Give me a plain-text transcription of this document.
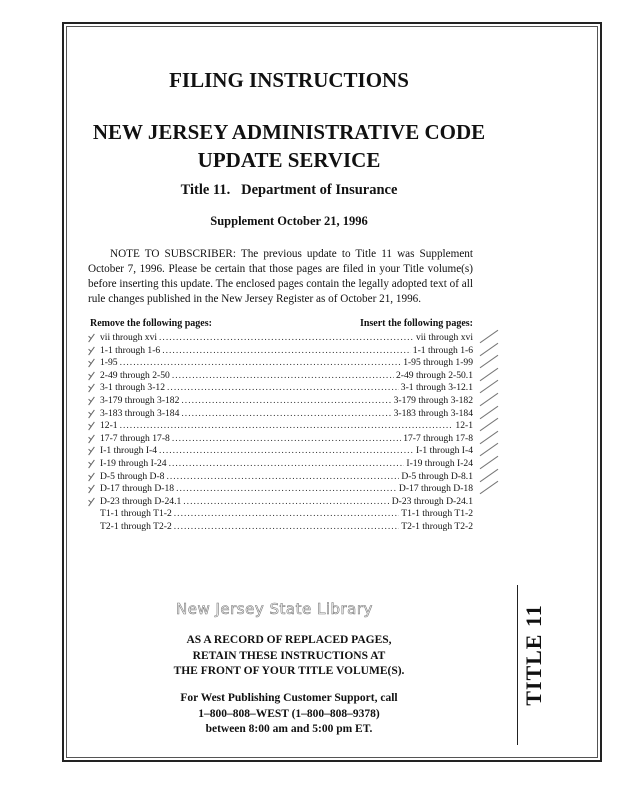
FILING INSTRUCTIONS
NEW JERSEY ADMINISTRATIVE CODE
UPDATE SERVICE
Title 11.   Department of Insurance
Supplement October 21, 1996
NOTE TO SUBSCRIBER: The previous update to Title 11 was Supplement October 7, 1996. Please be certain that those pages are filed in your Title volume(s) before inserting this update. The enclosed pages contain the legally adopted text of all rule changes published in the New Jersey Register as of October 21, 1996.
Remove the following pages:	Insert the following pages:
vii through xvi .....	vii through xvi
1-1 through 1-6 .....	1-1 through 1-6
1-95 .....	1-95 through 1-99
2-49 through 2-50 .....	2-49 through 2-50.1
3-1 through 3-12 .....	3-1 through 3-12.1
3-179 through 3-182 .....	3-179 through 3-182
3-183 through 3-184 .....	3-183 through 3-184
12-1 .....	12-1
17-7 through 17-8 .....	17-7 through 17-8
I-1 through I-4 .....	I-1 through I-4
I-19 through I-24 .....	I-19 through I-24
D-5 through D-8 .....	D-5 through D-8.1
D-17 through D-18 .....	D-17 through D-18
D-23 through D-24.1 .....	D-23 through D-24.1
T1-1 through T1-2 .....	T1-1 through T1-2
T2-1 through T2-2 .....	T2-1 through T2-2
New Jersey State Library
AS A RECORD OF REPLACED PAGES,
RETAIN THESE INSTRUCTIONS AT
THE FRONT OF YOUR TITLE VOLUME(S).
For West Publishing Customer Support, call
1–800–808–WEST (1–800–808–9378)
between 8:00 am and 5:00 pm ET.
TITLE 11
